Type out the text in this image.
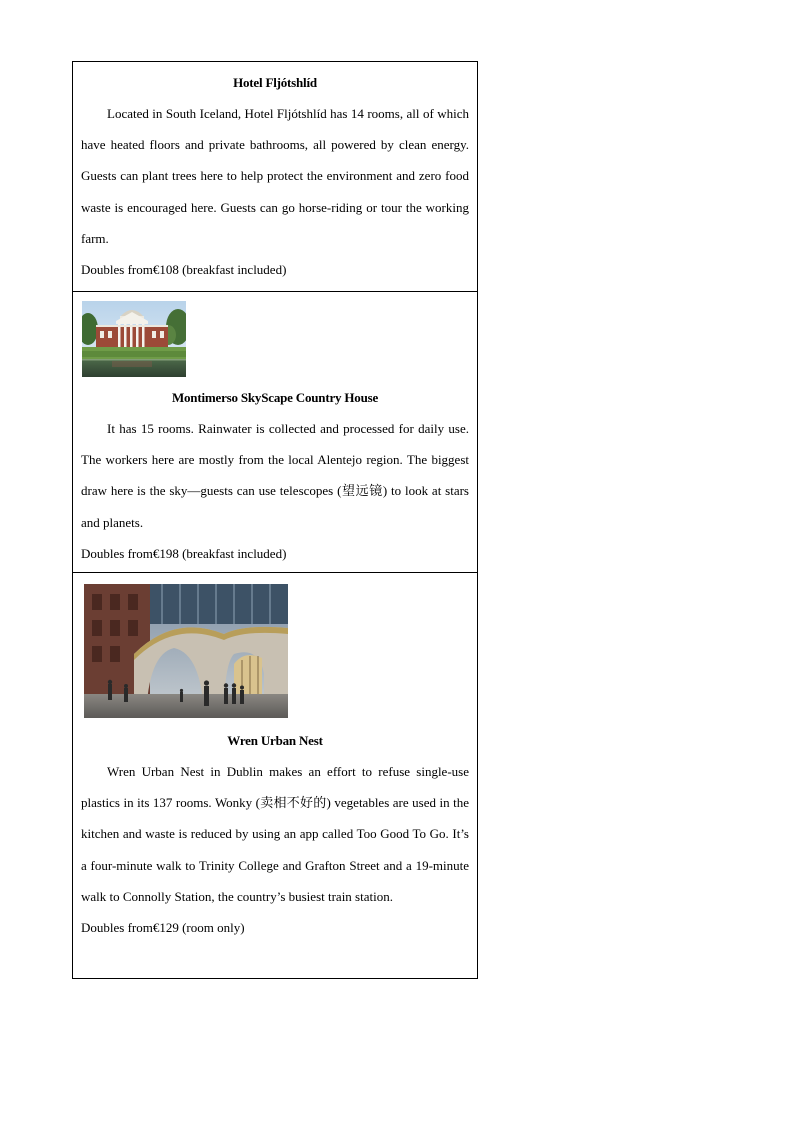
Hotel Fljótshlíd

Located in South Iceland, Hotel Fljótshlíd has 14 rooms, all of which have heated floors and private bathrooms, all powered by clean energy. Guests can plant trees here to help protect the environment and zero food waste is encouraged here. Guests can go horse-riding or tour the working farm.

Doubles from€108 (breakfast included)

Montimerso SkyScape Country House

It has 15 rooms. Rainwater is collected and processed for daily use. The workers here are mostly from the local Alentejo region. The biggest draw here is the sky—guests can use telescopes (望远镜) to look at stars and planets.

Doubles from€198 (breakfast included)

Wren Urban Nest

Wren Urban Nest in Dublin makes an effort to refuse single-use plastics in its 137 rooms. Wonky (卖相不好的) vegetables are used in the kitchen and waste is reduced by using an app called Too Good To Go. It’s a four-minute walk to Trinity College and Grafton Street and a 19-minute walk to Connolly Station, the country’s busiest train station.

Doubles from€129 (room only)
